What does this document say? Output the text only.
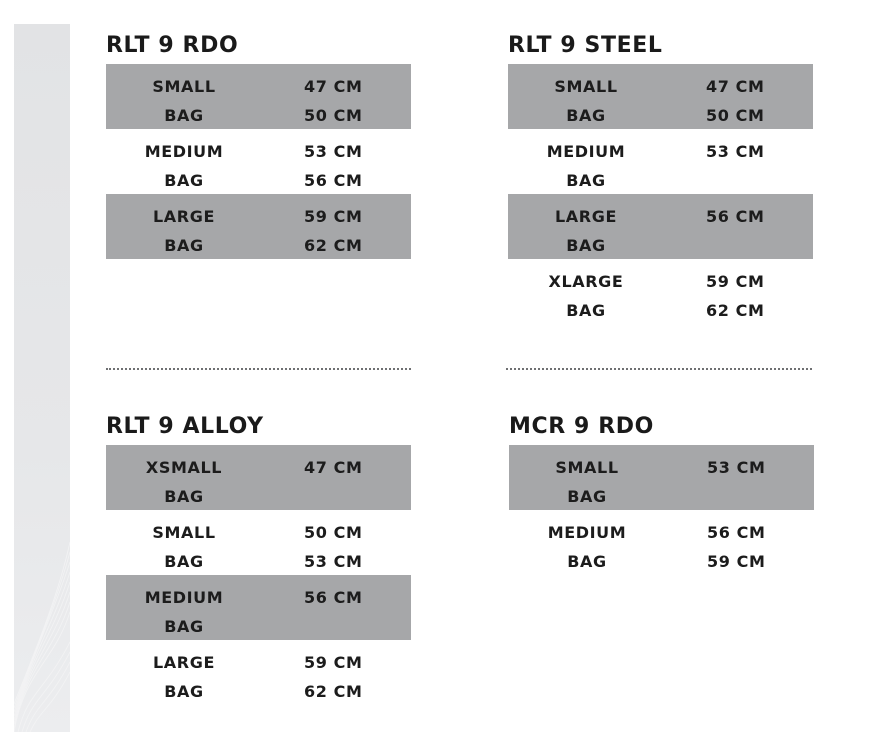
RLT 9 RDO
SMALL
BAG
47 CM
50 CM
MEDIUM
BAG
53 CM
56 CM
LARGE
BAG
59 CM
62 CM
RLT 9 STEEL
SMALL
BAG
47 CM
50 CM
MEDIUM
BAG
53 CM
LARGE
BAG
56 CM
XLARGE
BAG
59 CM
62 CM
RLT 9 ALLOY
XSMALL
BAG
47 CM
SMALL
BAG
50 CM
53 CM
MEDIUM
BAG
56 CM
LARGE
BAG
59 CM
62 CM
MCR 9 RDO
SMALL
BAG
53 CM
MEDIUM
BAG
56 CM
59 CM
